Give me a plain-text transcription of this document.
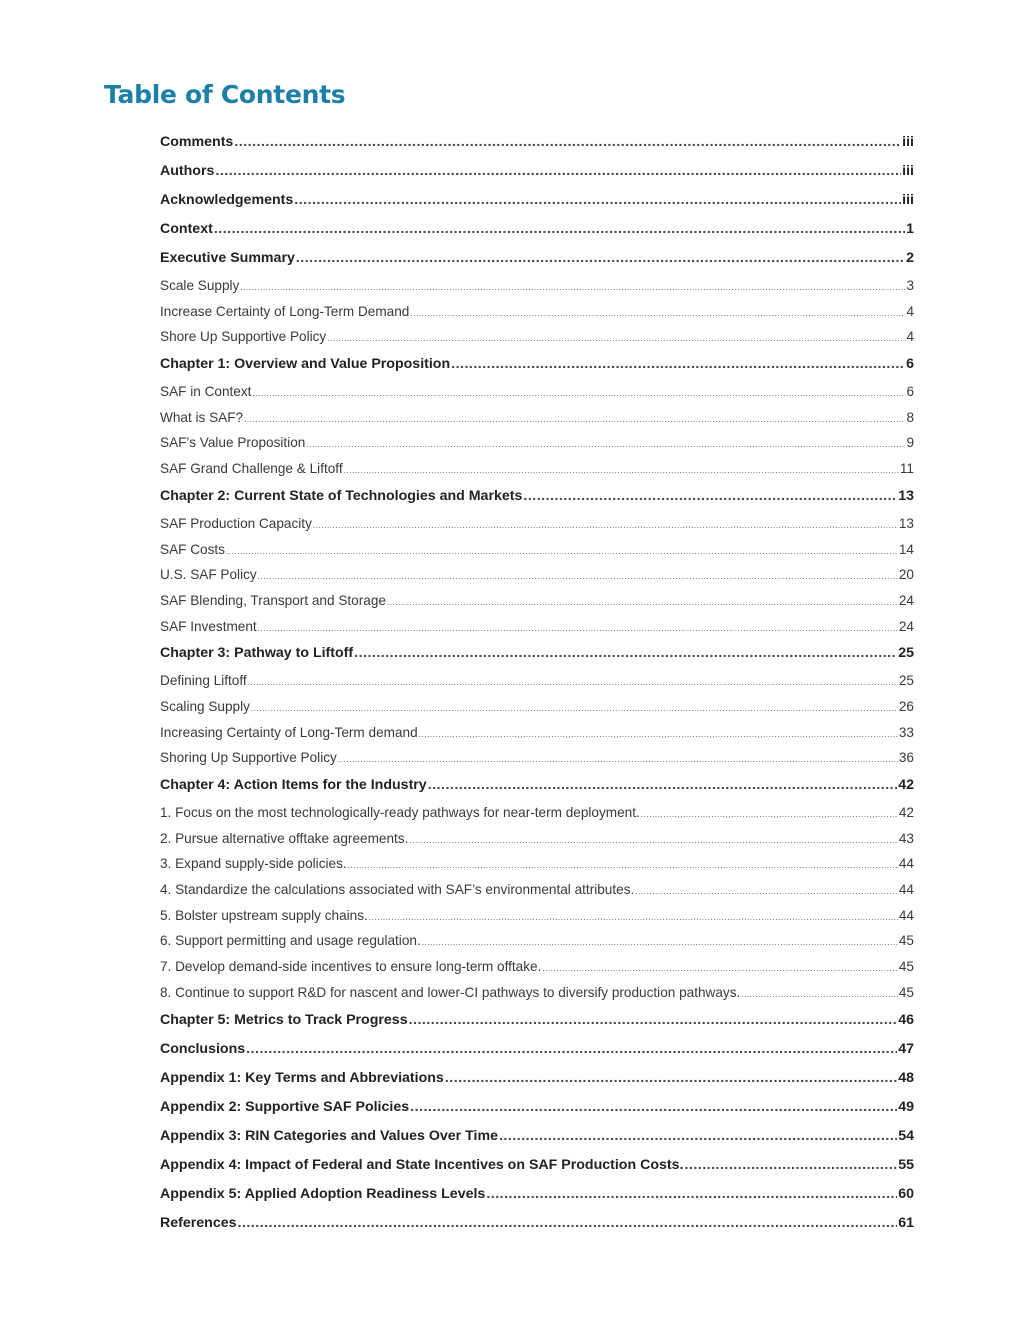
Table of Contents
Comments .....	iii
Authors .....	iii
Acknowledgements .....	iii
Context .....	1
Executive Summary .....	2
Scale Supply .....	3
Increase Certainty of Long-Term Demand .....	4
Shore Up Supportive Policy .....	4
Chapter 1: Overview and Value Proposition .....	6
SAF in Context .....	6
What is SAF? .....	8
SAF’s Value Proposition .....	9
SAF Grand Challenge & Liftoff .....	11
Chapter 2: Current State of Technologies and Markets .....	13
SAF Production Capacity .....	13
SAF Costs .....	14
U.S. SAF Policy .....	20
SAF Blending, Transport and Storage .....	24
SAF Investment .....	24
Chapter 3: Pathway to Liftoff .....	25
Defining Liftoff .....	25
Scaling Supply .....	26
Increasing Certainty of Long-Term demand .....	33
Shoring Up Supportive Policy .....	36
Chapter 4: Action Items for the Industry .....	42
1. Focus on the most technologically-ready pathways for near-term deployment. .....	42
2. Pursue alternative offtake agreements. .....	43
3. Expand supply-side policies. .....	44
4. Standardize the calculations associated with SAF’s environmental attributes. .....	44
5. Bolster upstream supply chains. .....	44
6. Support permitting and usage regulation. .....	45
7. Develop demand-side incentives to ensure long-term offtake. .....	45
8. Continue to support R&D for nascent and lower-CI pathways to diversify production pathways. .....	45
Chapter 5: Metrics to Track Progress .....	46
Conclusions .....	47
Appendix 1: Key Terms and Abbreviations .....	48
Appendix 2: Supportive SAF Policies .....	49
Appendix 3: RIN Categories and Values Over Time .....	54
Appendix 4: Impact of Federal and State Incentives on SAF Production Costs. .....	55
Appendix 5: Applied Adoption Readiness Levels .....	60
References .....	61
